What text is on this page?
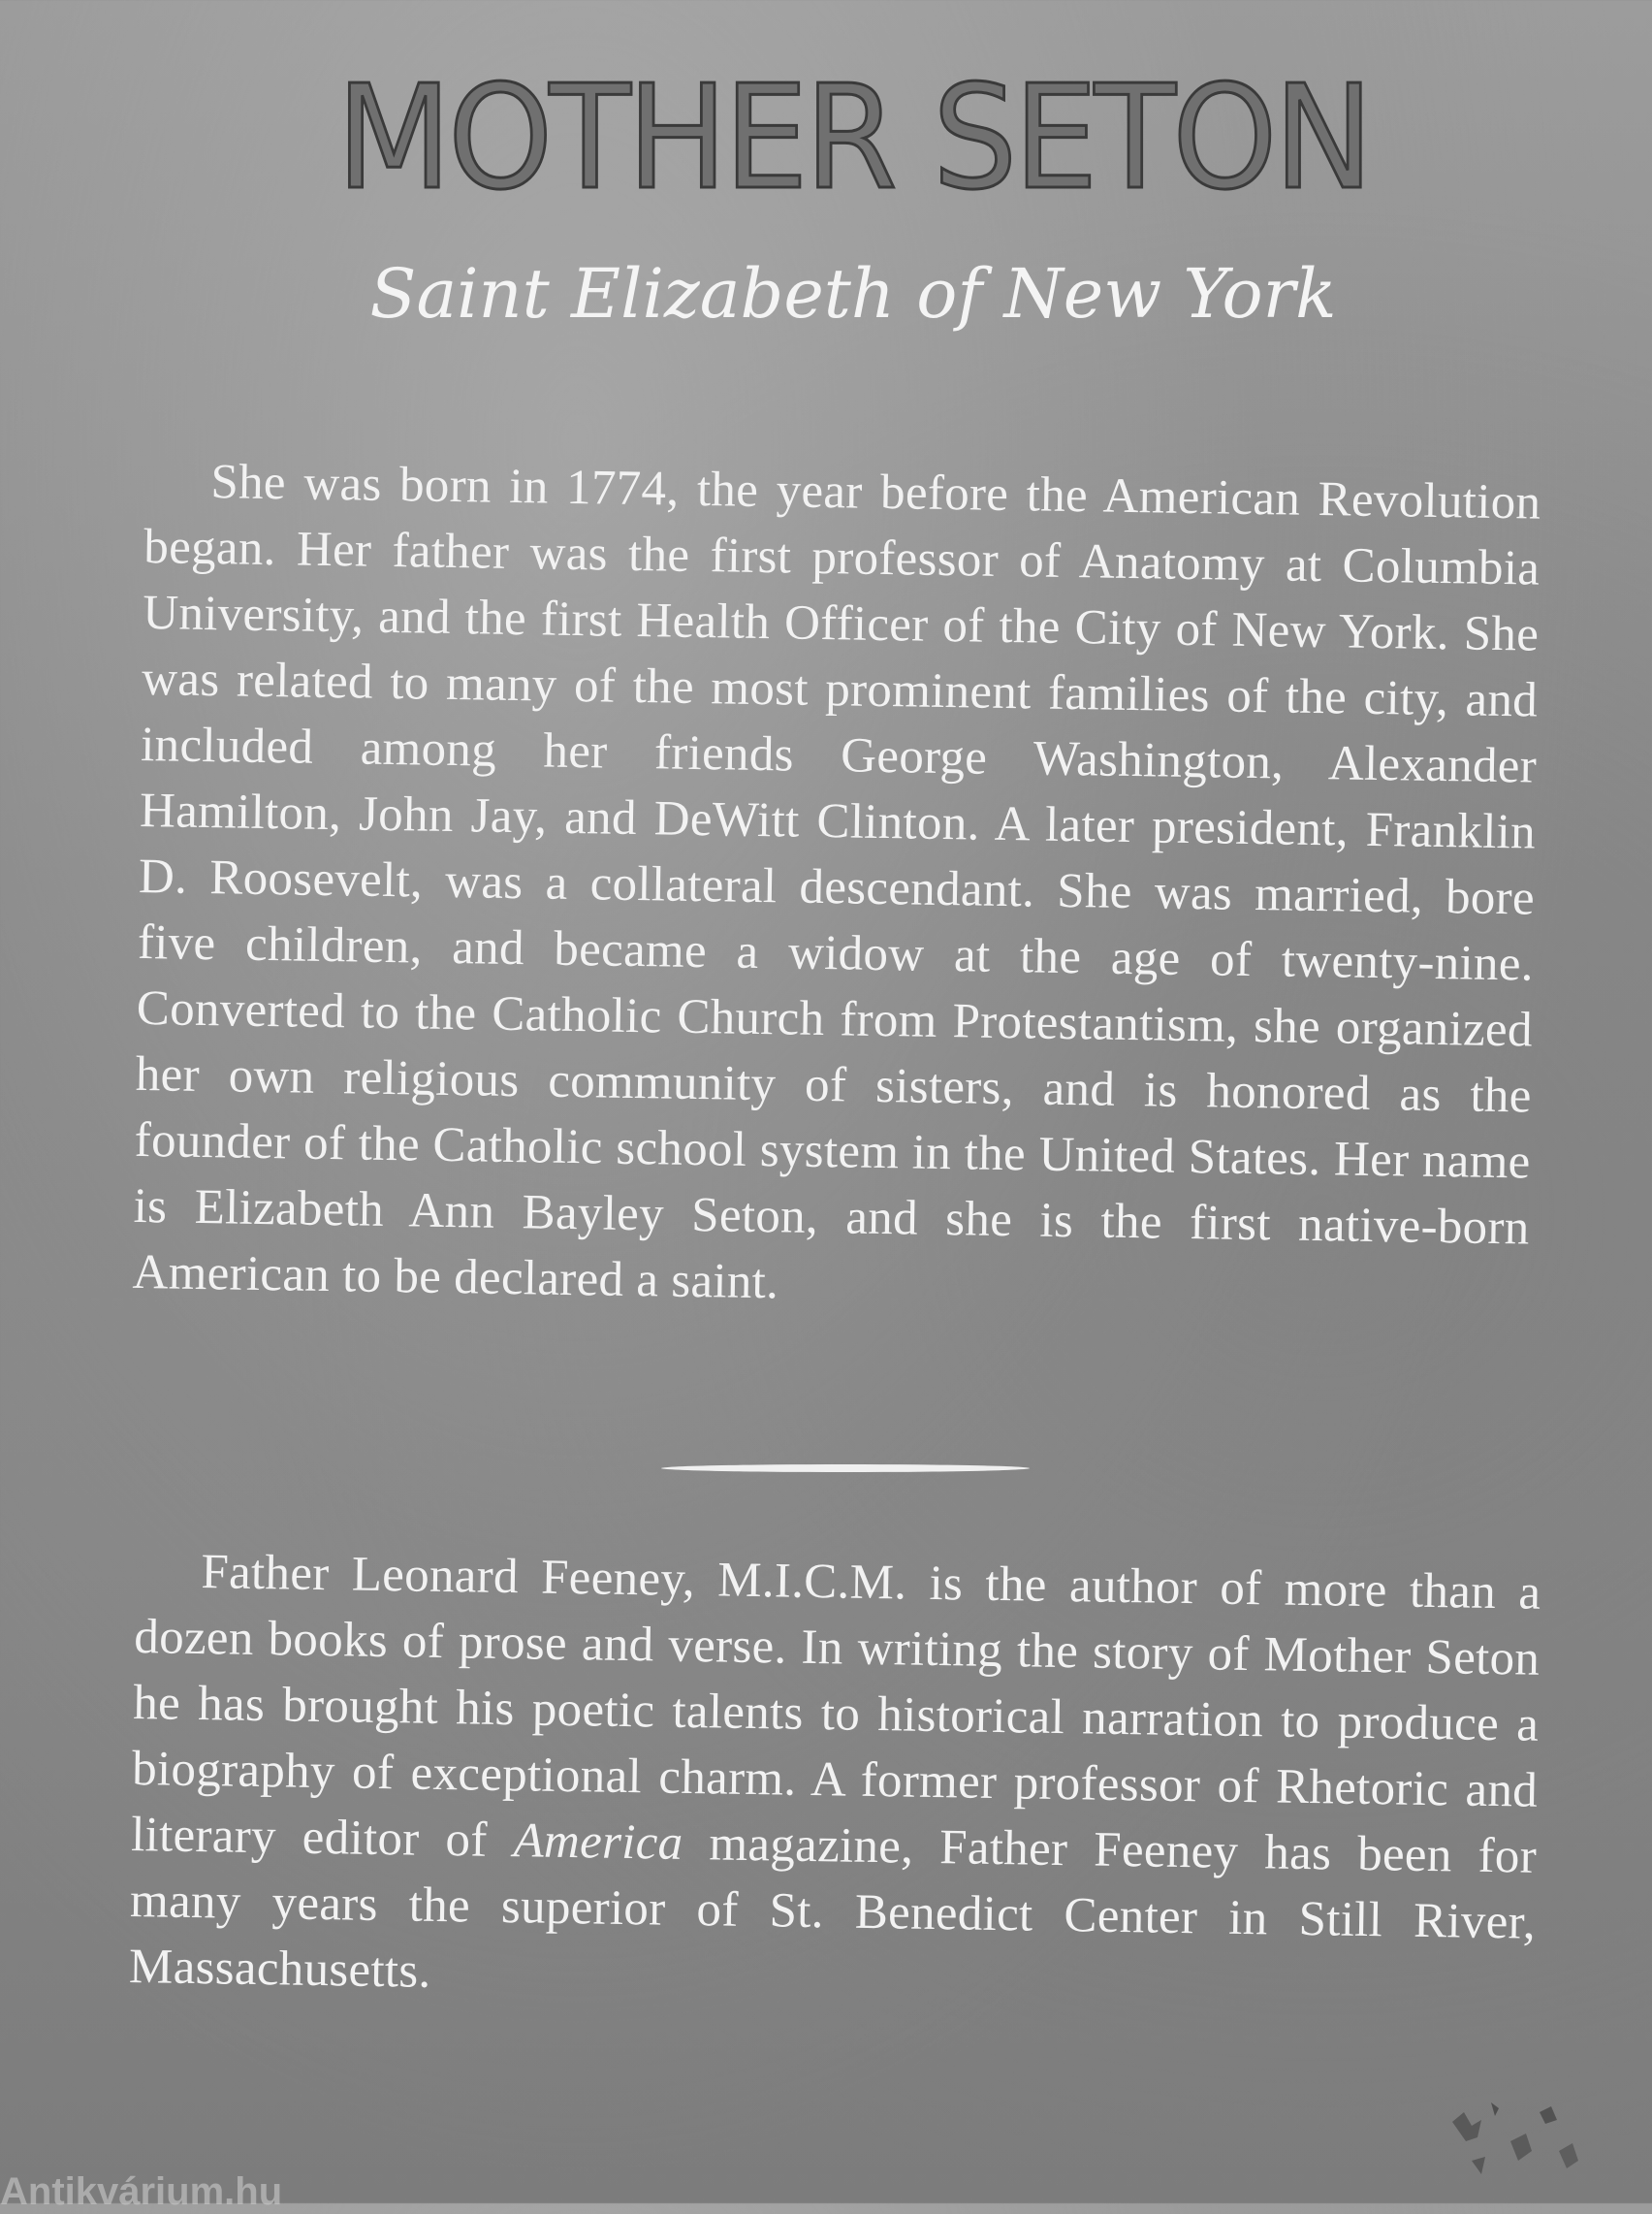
MOTHER SETON
Saint Elizabeth of New York

She was born in 1774, the year before the American Revolution began. Her father was the first professor of Anatomy at Columbia University, and the first Health Officer of the City of New York. She was related to many of the most prominent families of the city, and included among her friends George Washington, Alexander Hamilton, John Jay, and DeWitt Clinton. A later president, Franklin D. Roosevelt, was a collateral descendant. She was married, bore five children, and became a widow at the age of twenty-nine. Converted to the Catholic Church from Protestantism, she organized her own religious community of sisters, and is honored as the founder of the Catholic school system in the United States. Her name is Elizabeth Ann Bayley Seton, and she is the first native-born American to be declared a saint.

Father Leonard Feeney, M.I.C.M. is the author of more than a dozen books of prose and verse. In writing the story of Mother Seton he has brought his poetic talents to historical narration to produce a biography of exceptional charm. A former professor of Rhetoric and literary editor of America magazine, Father Feeney has been for many years the superior of St. Benedict Center in Still River, Massachusetts.

Antikvárium.hu
